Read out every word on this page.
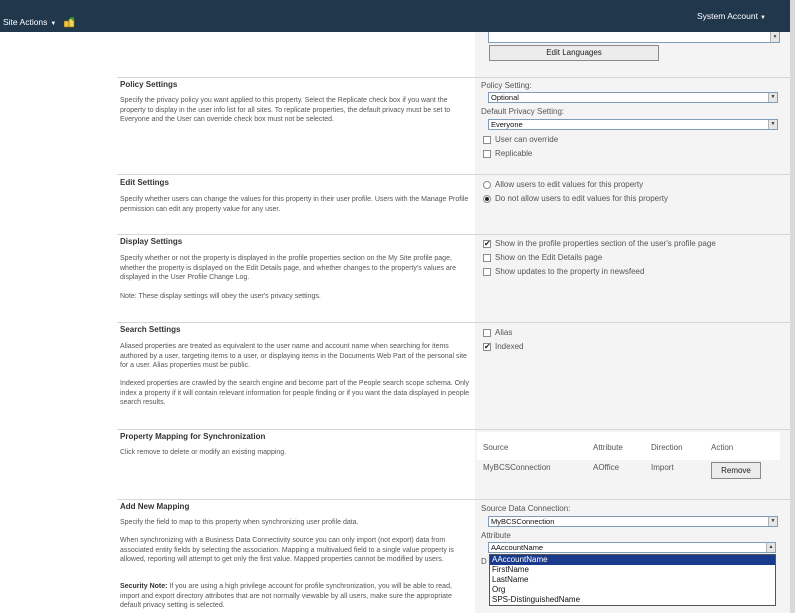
Site Actions ▼
System Account ▼
▼
Edit Languages
Policy Settings
Specify the privacy policy you want applied to this property. Select the Replicate check box if you want the property to display in the user info list for all sites. To replicate properties, the default privacy must be set to Everyone and the User can override check box must not be selected.
Policy Setting:
Optional	▼
Default Privacy Setting:
Everyone	▼
User can override
Replicable
Edit Settings
Specify whether users can change the values for this property in their user profile. Users with the Manage Profile permission can edit any property value for any user.
Allow users to edit values for this property
Do not allow users to edit values for this property
Display Settings
Specify whether or not the property is displayed in the profile properties section on the My Site profile page, whether the property is displayed on the Edit Details page, and whether changes to the property's values are displayed in the User Profile Change Log.
Note: These display settings will obey the user's privacy settings.
✔ Show in the profile properties section of the user's profile page
Show on the Edit Details page
Show updates to the property in newsfeed
Search Settings
Aliased properties are treated as equivalent to the user name and account name when searching for items authored by a user, targeting items to a user, or displaying items in the Documents Web Part of the personal site for a user. Alias properties must be public.
Indexed properties are crawled by the search engine and become part of the People search scope schema. Only index a property if it will contain relevant information for people finding or if you want the data displayed in people search results.
Alias
✔ Indexed
Property Mapping for Synchronization
Click remove to delete or modify an existing mapping.
Source	Attribute	Direction	Action
MyBCSConnection	AOffice	Import	Remove
Add New Mapping
Specify the field to map to this property when synchronizing user profile data.
When synchronizing with a Business Data Connectivity source you can only import (not export) data from associated entity fields by selecting the association. Mapping a multivalued field to a single value property is allowed, reporting will attempt to get only the first value. Mapped properties cannot be modified by users.
Security Note: If you are using a high privilege account for profile synchronization, you will be able to read, import and export directory attributes that are not normally viewable by all users, make sure the appropriate default privacy setting is selected.
Source Data Connection:
MyBCSConnection	▼
Attribute
AAccountName	▲
D AAccountName
FirstName
LastName
Org
SPS-DistinguishedName
